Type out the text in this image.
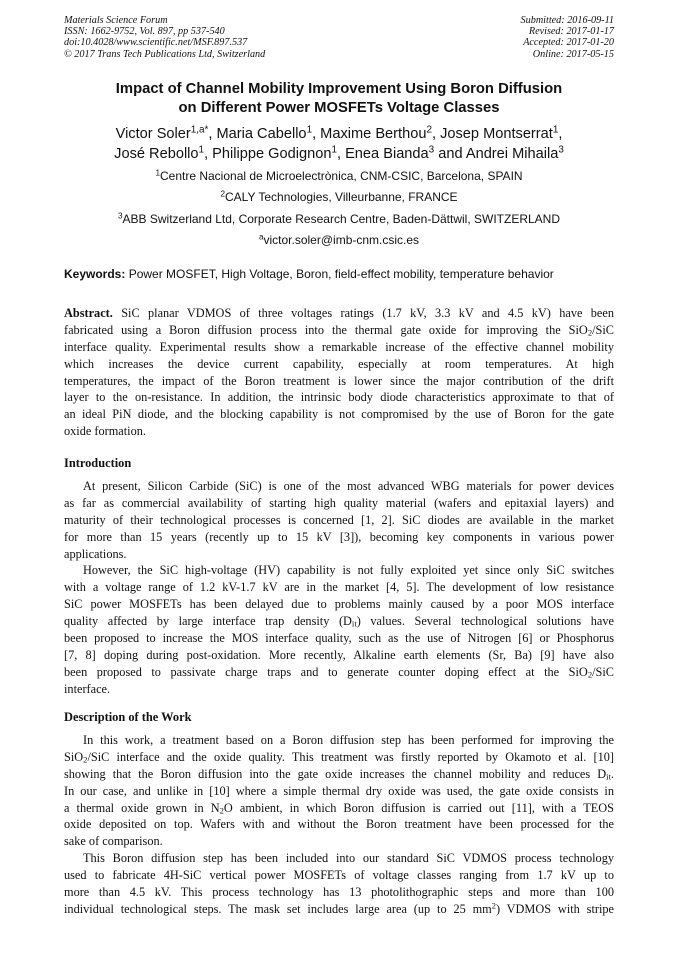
Materials Science Forum
ISSN: 1662-9752, Vol. 897, pp 537-540
doi:10.4028/www.scientific.net/MSF.897.537
© 2017 Trans Tech Publications Ltd, Switzerland
Submitted: 2016-09-11
Revised: 2017-01-17
Accepted: 2017-01-20
Online: 2017-05-15
Impact of Channel Mobility Improvement Using Boron Diffusion
on Different Power MOSFETs Voltage Classes
Victor Soler$^{1,a*}$, Maria Cabello$^1$, Maxime Berthou$^2$, Josep Montserrat$^1$,
José Rebollo$^1$, Philippe Godignon$^1$, Enea Bianda$^3$ and Andrei Mihaila$^3$
$^1$Centre Nacional de Microelectrònica, CNM-CSIC, Barcelona, SPAIN
$^2$CALY Technologies, Villeurbanne, FRANCE
$^3$ABB Switzerland Ltd, Corporate Research Centre, Baden-Dättwil, SWITZERLAND
$^a$victor.soler@imb-cnm.csic.es
Keywords: Power MOSFET, High Voltage, Boron, field-effect mobility, temperature behavior
Abstract. SiC planar VDMOS of three voltages ratings (1.7 kV, 3.3 kV and 4.5 kV) have been
fabricated using a Boron diffusion process into the thermal gate oxide for improving the SiO$_2$/SiC
interface quality. Experimental results show a remarkable increase of the effective channel mobility
which increases the device current capability, especially at room temperatures. At high
temperatures, the impact of the Boron treatment is lower since the major contribution of the drift
layer to the on-resistance. In addition, the intrinsic body diode characteristics approximate to that of
an ideal PiN diode, and the blocking capability is not compromised by the use of Boron for the gate
oxide formation.
Introduction
At present, Silicon Carbide (SiC) is one of the most advanced WBG materials for power devices
as far as commercial availability of starting high quality material (wafers and epitaxial layers) and
maturity of their technological processes is concerned [1, 2]. SiC diodes are available in the market
for more than 15 years (recently up to 15 kV [3]), becoming key components in various power
applications.
However, the SiC high-voltage (HV) capability is not fully exploited yet since only SiC switches
with a voltage range of 1.2 kV-1.7 kV are in the market [4, 5]. The development of low resistance
SiC power MOSFETs has been delayed due to problems mainly caused by a poor MOS interface
quality affected by large interface trap density $(D_{it})$ values. Several technological solutions have
been proposed to increase the MOS interface quality, such as the use of Nitrogen [6] or Phosphorus
[7, 8] doping during post-oxidation. More recently, Alkaline earth elements (Sr, Ba) [9] have also
been proposed to passivate charge traps and to generate counter doping effect at the SiO$_2$/SiC
interface.
Description of the Work
In this work, a treatment based on a Boron diffusion step has been performed for improving the
SiO$_2$/SiC interface and the oxide quality. This treatment was firstly reported by Okamoto et al. [10]
showing that the Boron diffusion into the gate oxide increases the channel mobility and reduces $D_{it}$.
In our case, and unlike in [10] where a simple thermal dry oxide was used, the gate oxide consists in
a thermal oxide grown in $N_2O$ ambient, in which Boron diffusion is carried out [11], with a TEOS
oxide deposited on top. Wafers with and without the Boron treatment have been processed for the
sake of comparison.
This Boron diffusion step has been included into our standard SiC VDMOS process technology
used to fabricate 4H-SiC vertical power MOSFETs of voltage classes ranging from 1.7 kV up to
more than 4.5 kV. This process technology has 13 photolithographic steps and more than 100
individual technological steps. The mask set includes large area (up to 25 $mm^2$) VDMOS with stripe
